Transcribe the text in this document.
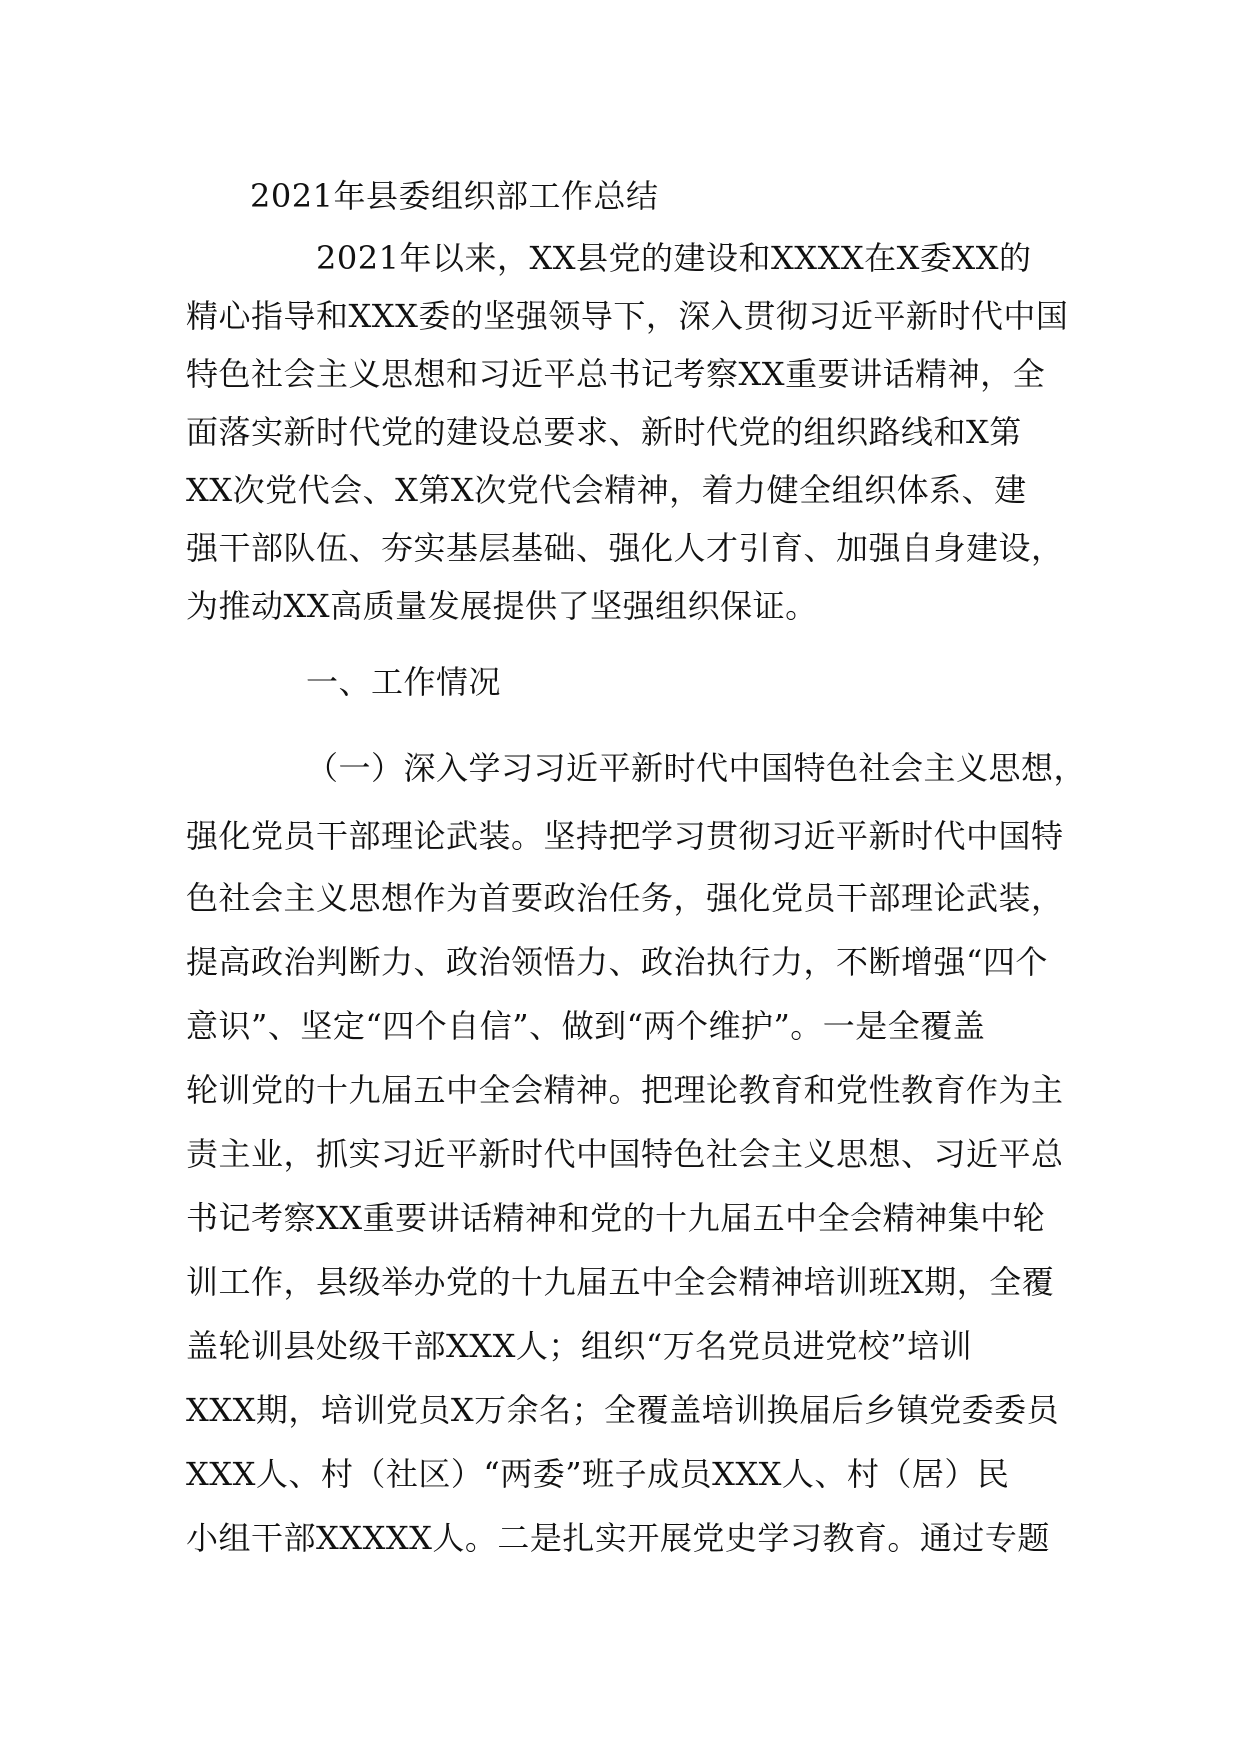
2021年县委组织部工作总结
2021年以来，XX县党的建设和XXXX在X委XX的
精心指导和XXX委的坚强领导下，深入贯彻习近平新时代中国
特色社会主义思想和习近平总书记考察XX重要讲话精神，全
面落实新时代党的建设总要求、新时代党的组织路线和X第
XX次党代会、X第X次党代会精神，着力健全组织体系、建
强干部队伍、夯实基层基础、强化人才引育、加强自身建设，
为推动XX高质量发展提供了坚强组织保证。
一、工作情况
（一）深入学习习近平新时代中国特色社会主义思想，
强化党员干部理论武装。坚持把学习贯彻习近平新时代中国特
色社会主义思想作为首要政治任务，强化党员干部理论武装，
提高政治判断力、政治领悟力、政治执行力，不断增强“四个
意识”、坚定“四个自信”、做到“两个维护”。一是全覆盖
轮训党的十九届五中全会精神。把理论教育和党性教育作为主
责主业，抓实习近平新时代中国特色社会主义思想、习近平总
书记考察XX重要讲话精神和党的十九届五中全会精神集中轮
训工作，县级举办党的十九届五中全会精神培训班X期，全覆
盖轮训县处级干部XXX人；组织“万名党员进党校”培训
XXX期，培训党员X万余名；全覆盖培训换届后乡镇党委委员
XXX人、村（社区）“两委”班子成员XXX人、村（居）民
小组干部XXXXX人。二是扎实开展党史学习教育。通过专题
